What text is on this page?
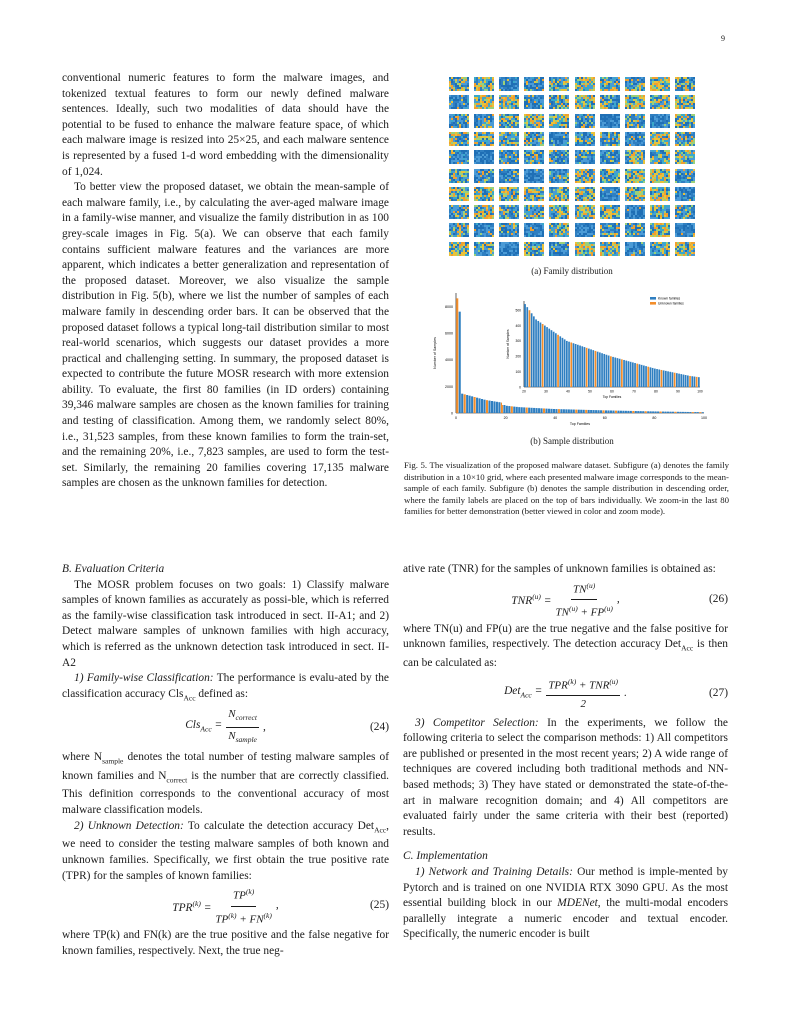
9

conventional numeric features to form the malware images, and tokenized textual features to form our newly defined malware sentences. Ideally, such two modalities of data should have the potential to be fused to enhance the malware feature space, of which each malware image is resized into 25×25, and each malware sentence is represented by a fused 1-d word embedding with the dimensionality of 1,024.

To better view the proposed dataset, we obtain the mean-sample of each malware family, i.e., by calculating the aver-aged malware image in a family-wise manner, and visualize the family distribution in as 100 grey-scale images in Fig. 5(a). We can observe that each family contains sufficient malware features and the variances are more apparent, which indicates a better generalization and representation of the proposed dataset. Moreover, we also visualize the sample distribution in Fig. 5(b), where we list the number of samples of each malware family in descending order bars. It can be observed that the proposed dataset follows a typical long-tail distribution similar to most real-world scenarios, which suggests our dataset provides a more practical and challenging setting. In summary, the proposed dataset is expected to contribute the future MOSR research with more extension ability. To evaluate, the first 80 families (in ID orders) containing 39,346 malware samples are chosen as the known families for training and testing of classification. Among them, we randomly select 80%, i.e., 31,523 samples, from these known families to form the train-set, and the remaining 20%, i.e., 7,823 samples, are used to form the test-set. Similarly, the remaining 20 families covering 17,135 malware samples are chosen as the unknown families for detection.

B. Evaluation Criteria

The MOSR problem focuses on two goals: 1) Classify malware samples of known families as accurately as possi-ble, which is referred as the family-wise classification task introduced in sect. II-A1; and 2) Detect malware samples of unknown families with high accuracy, which is referred as the unknown detection task introduced in sect. II-A2

1) Family-wise Classification: The performance is evalu-ated by the classification accuracy Cls$_{Acc}$ defined as:

$Cls_{Acc} = \frac{N_{correct}}{N_{sample}}$ ,	(24)

where $N_{sample}$ denotes the total number of testing malware samples of known families and $N_{correct}$ is the number that are correctly classified. This definition corresponds to the conventional accuracy of most malware classification models.

2) Unknown Detection: To calculate the detection accuracy Det$_{Acc}$, we need to consider the testing malware samples of both known and unknown families. Specifically, we first obtain the true positive rate (TPR) for the samples of known families:

$TPR^{(k)} = \frac{TP^{(k)}}{TP^{(k)} + FN^{(k)}}$ ,	(25)

where TP(k) and FN(k) are the true positive and the false negative for known families, respectively. Next, the true neg-

(a) Family distribution
0
2000
4000
6000
8000
0	20	40	60	80	100
Top Families
Number of Samples
0
100
200
300
400
500
20	30	40	50	60	70	80	90	100
Top Families
Number of Samples
Known families
Unknown families
(b) Sample distribution
Fig. 5. The visualization of the proposed malware dataset. Subfigure (a) denotes the family distribution in a 10×10 grid, where each presented malware image corresponds to the mean-sample of each family. Subfigure (b) denotes the sample distribution in descending order, where the family labels are placed on the top of bars individually. We zoom-in the last 80 families for better demonstration (better viewed in color and zoom mode).

ative rate (TNR) for the samples of unknown families is obtained as:

$TNR^{(u)} = \frac{TN^{(u)}}{TN^{(u)} + FP^{(u)}}$ ,	(26)

where TN(u) and FP(u) are the true negative and the false positive for unknown families, respectively. The detection accuracy Det$_{Acc}$ is then can be calculated as:

$Det_{Acc} = \frac{TPR^{(k)} + TNR^{(u)}}{2}$ .	(27)

3) Competitor Selection: In the experiments, we follow the following criteria to select the comparison methods: 1) All competitors are published or presented in the most recent years; 2) A wide range of techniques are covered including both traditional methods and NN-based methods; 3) They have stated or demonstrated the state-of-the-art in malware recognition domain; and 4) All competitors are evaluated fairly under the same criteria with their best (reported) results.

C. Implementation

1) Network and Training Details: Our method is imple-mented by Pytorch and is trained on one NVIDIA RTX 3090 GPU. As the most essential building block in our MDENet, the multi-modal encoders parallelly integrate a numeric encoder and textual encoder. Specifically, the numeric encoder is built
